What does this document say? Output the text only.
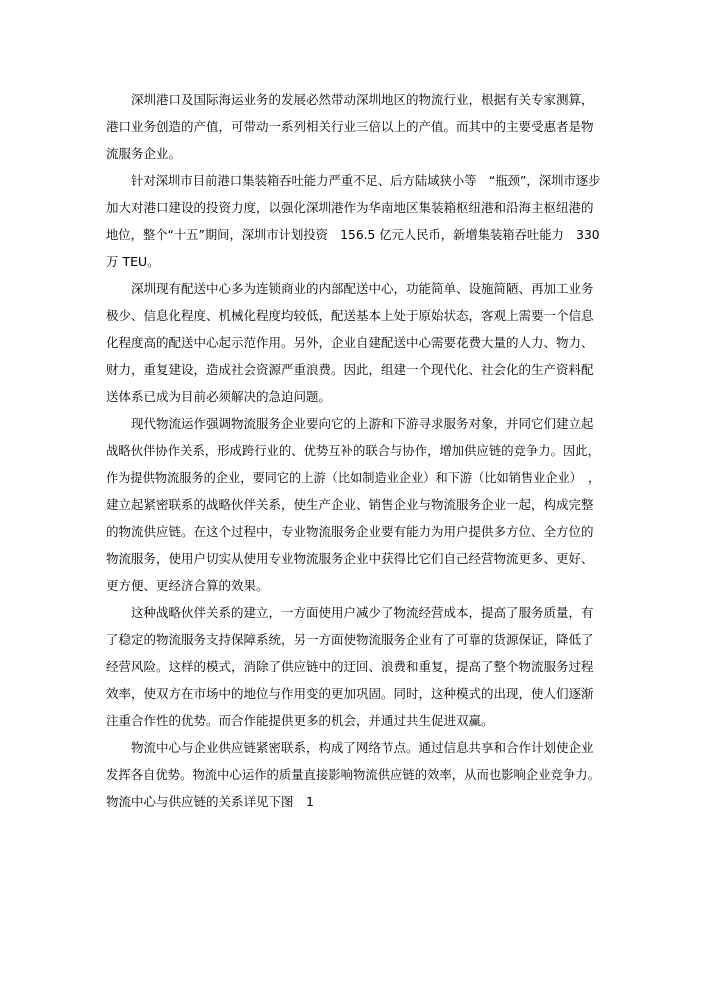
深圳港口及国际海运业务的发展必然带动深圳地区的物流行业，根据有关专家测算，
港口业务创造的产值，可带动一系列相关行业三倍以上的产值。而其中的主要受惠者是物
流服务企业。
针对深圳市目前港口集装箱吞吐能力严重不足、后方陆域狭小等　“瓶颈”，深圳市逐步
加大对港口建设的投资力度，以强化深圳港作为华南地区集装箱枢纽港和沿海主枢纽港的
地位，整个“十五”期间，深圳市计划投资　156.5 亿元人民币，新增集装箱吞吐能力　330
万 TEU。
深圳现有配送中心多为连锁商业的内部配送中心，功能简单、设施简陋、再加工业务
极少、信息化程度、机械化程度均较低，配送基本上处于原始状态，客观上需要一个信息
化程度高的配送中心起示范作用。另外，企业自建配送中心需要花费大量的人力、物力、
财力，重复建设，造成社会资源严重浪费。因此，组建一个现代化、社会化的生产资料配
送体系已成为目前必须解决的急迫问题。
现代物流运作强调物流服务企业要向它的上游和下游寻求服务对象，并同它们建立起
战略伙伴协作关系，形成跨行业的、优势互补的联合与协作，增加供应链的竞争力。因此，
作为提供物流服务的企业，要同它的上游（比如制造业企业）和下游（比如销售业企业）　，
建立起紧密联系的战略伙伴关系，使生产企业、销售企业与物流服务企业一起，构成完整
的物流供应链。在这个过程中，专业物流服务企业要有能力为用户提供多方位、全方位的
物流服务，使用户切实从使用专业物流服务企业中获得比它们自己经营物流更多、更好、
更方便、更经济合算的效果。
这种战略伙伴关系的建立，一方面使用户减少了物流经营成本，提高了服务质量，有
了稳定的物流服务支持保障系统，另一方面使物流服务企业有了可靠的货源保证，降低了
经营风险。这样的模式，消除了供应链中的迂回、浪费和重复，提高了整个物流服务过程
效率，使双方在市场中的地位与作用变的更加巩固。同时，这种模式的出现，使人们逐渐
注重合作性的优势。而合作能提供更多的机会，并通过共生促进双赢。
物流中心与企业供应链紧密联系，构成了网络节点。通过信息共享和合作计划使企业
发挥各自优势。物流中心运作的质量直接影响物流供应链的效率，从而也影响企业竞争力。
物流中心与供应链的关系详见下图　1
